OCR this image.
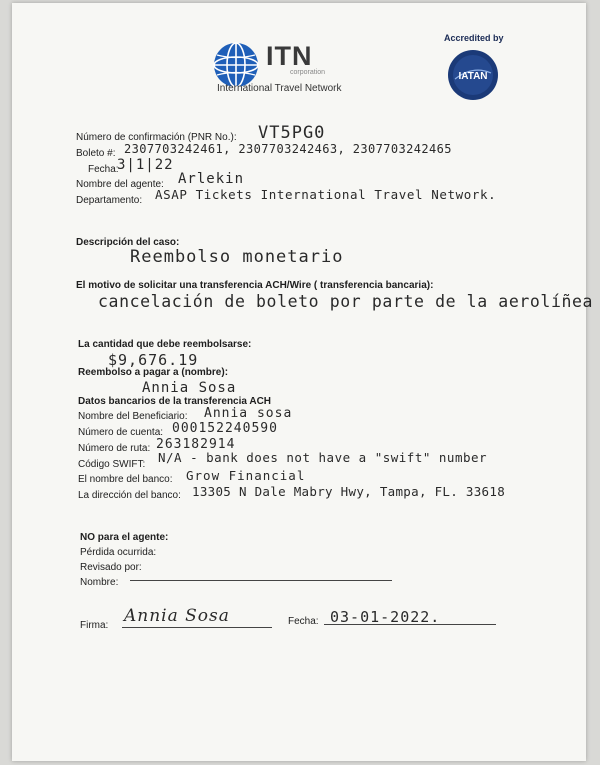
ITN
corporation
International Travel Network
Accredited by
IATAN
Número de confirmación (PNR No.): VT5PG0
Boleto #: 2307703242461, 2307703242463, 2307703242465
Fecha:
3|1|22
Nombre del agente: Arlekin
Departamento: ASAP Tickets International Travel Network.
Descripción del caso:
Reembolso monetario
El motivo de solicitar una transferencia ACH/Wire ( transferencia bancaria):
cancelación de boleto por parte de la aerolíñea
La cantidad que debe reembolsarse:
$9,676.19
Reembolso a pagar a (nombre):
Annia Sosa
Datos bancarios de la transferencia ACH
Nombre del Beneficiario: Annia sosa
Número de cuenta: 000152240590
Número de ruta: 263182914
Código SWIFT: N/A - bank does not have a "swift" number
El nombre del banco: Grow Financial
La dirección del banco: 13305 N Dale Mabry Hwy, Tampa, FL. 33618
NO para el agente:
Pérdida ocurrida:
Revisado por:
Nombre:
Firma: Annia Sosa	Fecha: 03-01-2022.
